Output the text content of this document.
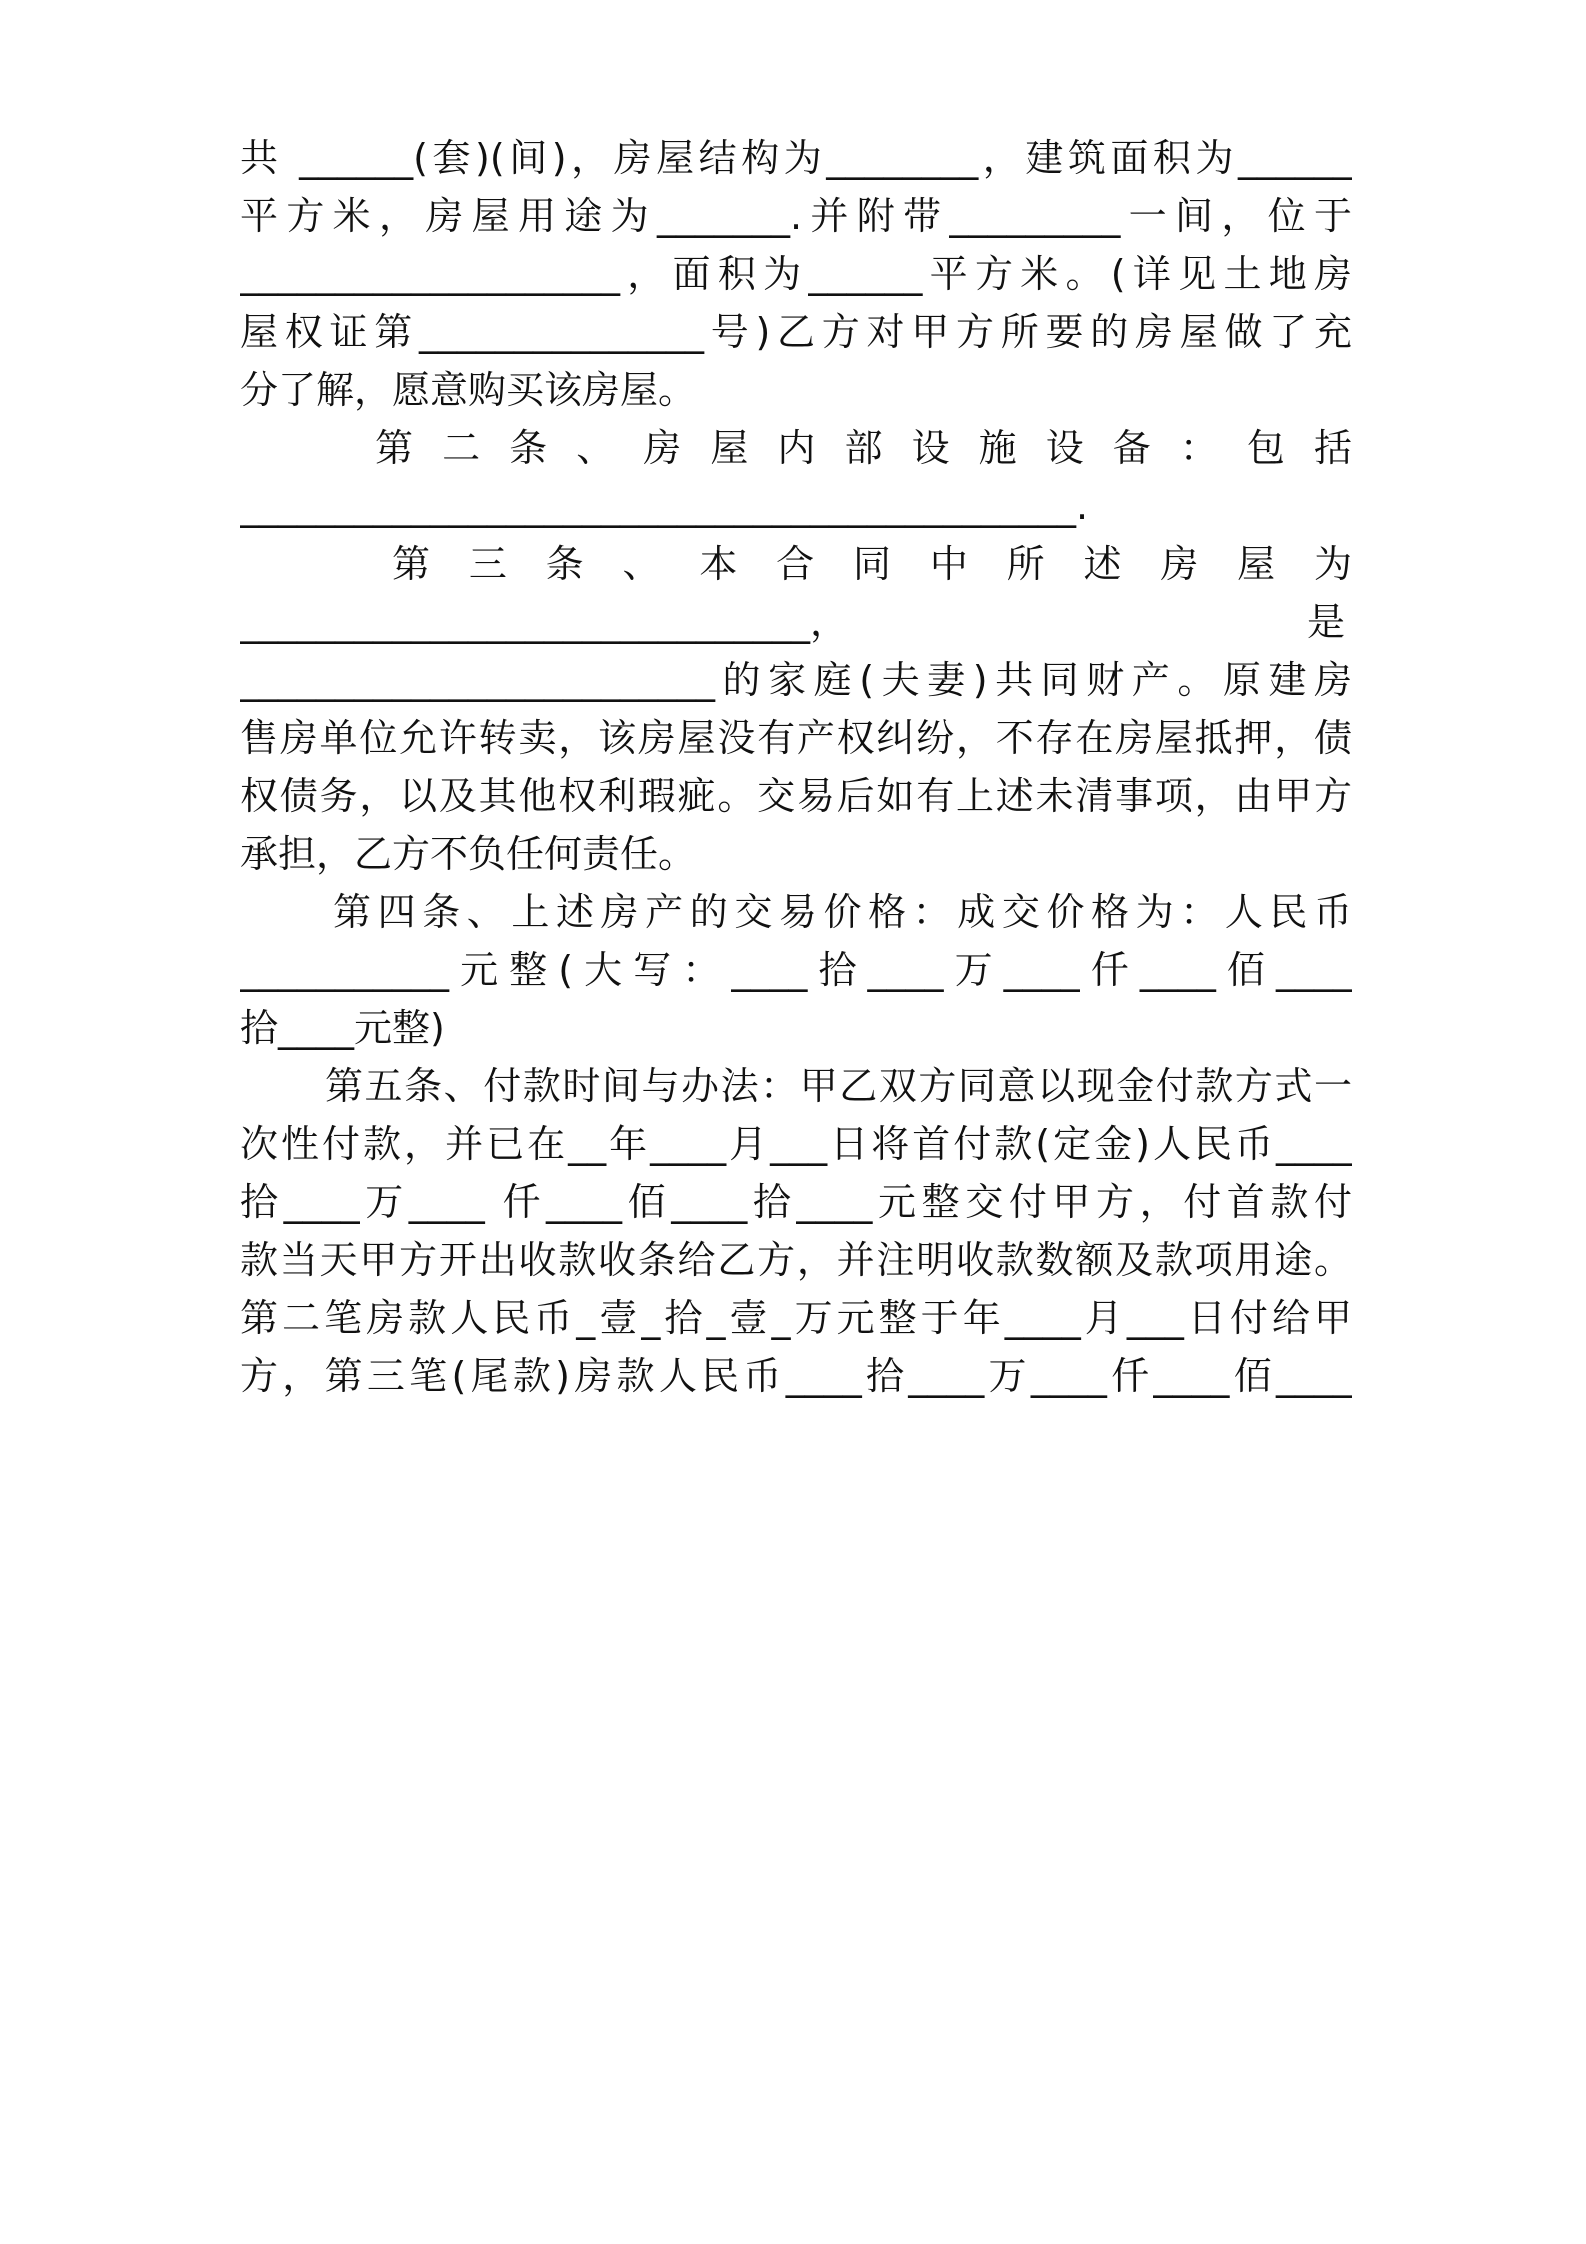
共 ______(套)(间)，房屋结构为________，建筑面积为______
平方米，房屋用途为_______.并附带_________一间，位于
____________________，面积为______平方米。(详见土地房
屋权证第_______________号)乙方对甲方所要的房屋做了充
分了解，愿意购买该房屋。
第 二 条 、 房 屋 内 部 设 施 设 备 ： 包 括
____________________________________________.
第 三 条 、 本 合 同 中 所 述 房 屋 为
______________________________，                                      是
_________________________的家庭(夫妻)共同财产。原建房
售房单位允许转卖，该房屋没有产权纠纷，不存在房屋抵押，债
权债务，以及其他权利瑕疵。交易后如有上述未清事项，由甲方
承担，乙方不负任何责任。
第四条、上述房产的交易价格：成交价格为：人民币
___________元整(大写：____拾____万____仟____佰____
拾____元整)
第五条、付款时间与办法：甲乙双方同意以现金付款方式一
次性付款，并已在__年____月___日将首付款(定金)人民币____
拾____万____ 仟____佰____拾____元整交付甲方，付首款付
款当天甲方开出收款收条给乙方，并注明收款数额及款项用途。
第二笔房款人民币_壹_拾_壹_万元整于年____月___日付给甲
方，第三笔(尾款)房款人民币____拾____万____仟____佰____
